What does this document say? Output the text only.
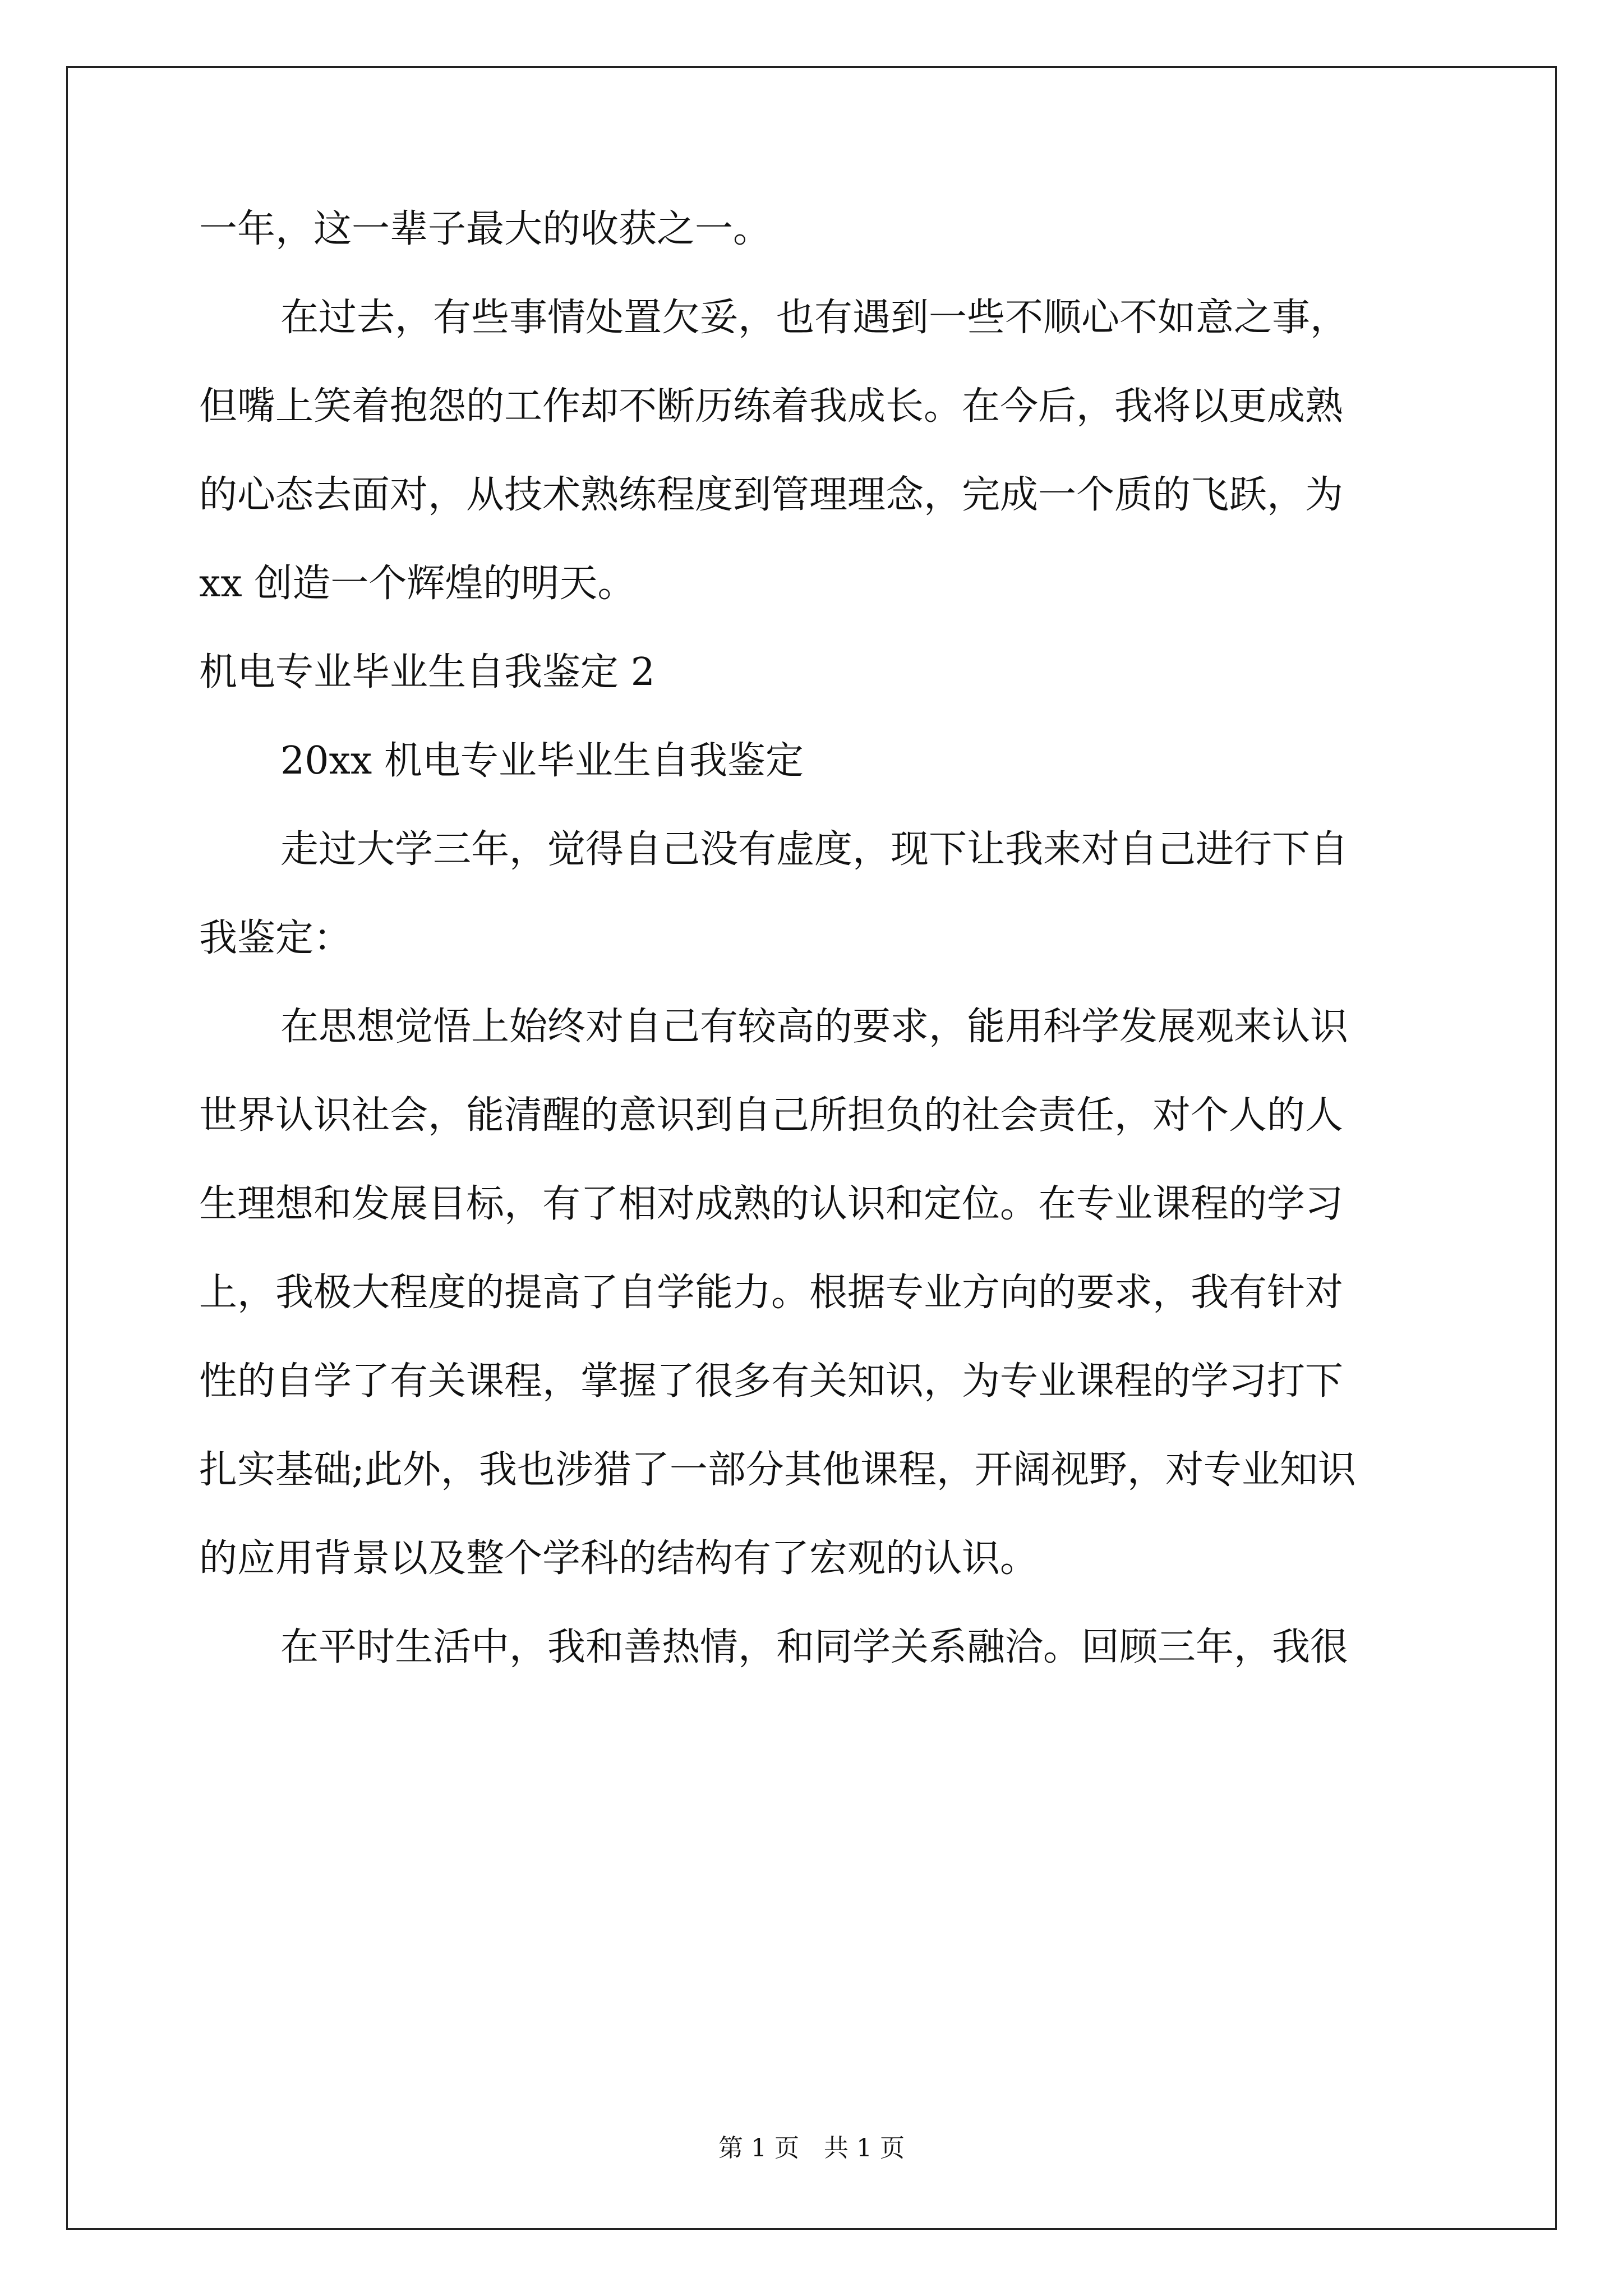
一年，这一辈子最大的收获之一。
在过去，有些事情处置欠妥，也有遇到一些不顺心不如意之事，
但嘴上笑着抱怨的工作却不断历练着我成长。在今后，我将以更成熟
的心态去面对，从技术熟练程度到管理理念，完成一个质的飞跃，为
xx 创造一个辉煌的明天。
机电专业毕业生自我鉴定 2
20xx 机电专业毕业生自我鉴定
走过大学三年，觉得自己没有虚度，现下让我来对自己进行下自
我鉴定：
在思想觉悟上始终对自己有较高的要求，能用科学发展观来认识
世界认识社会，能清醒的意识到自己所担负的社会责任，对个人的人
生理想和发展目标，有了相对成熟的认识和定位。在专业课程的学习
上，我极大程度的提高了自学能力。根据专业方向的要求，我有针对
性的自学了有关课程，掌握了很多有关知识，为专业课程的学习打下
扎实基础;此外，我也涉猎了一部分其他课程，开阔视野，对专业知识
的应用背景以及整个学科的结构有了宏观的认识。
在平时生活中，我和善热情，和同学关系融洽。回顾三年，我很
第 1 页　共 1 页
